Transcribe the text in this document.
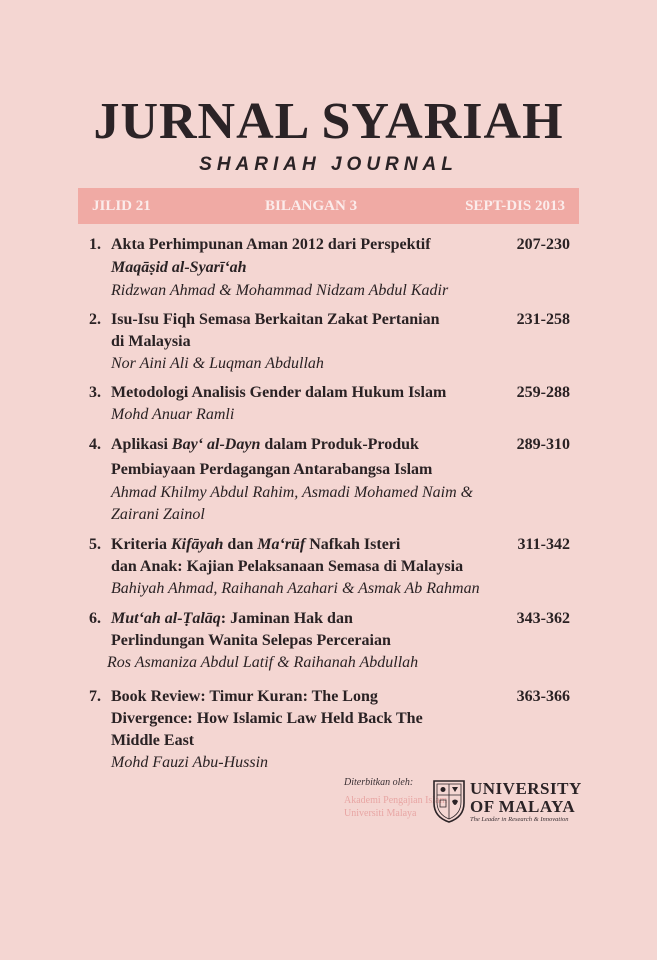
JURNAL SYARIAH
SHARIAH JOURNAL
JILID 21	BILANGAN 3	SEPT-DIS 2013
1. Akta Perhimpunan Aman 2012 dari Perspektif	207-230
Maqāṣid al-Syarī‘ah
Ridzwan Ahmad & Mohammad Nidzam Abdul Kadir
2. Isu-Isu Fiqh Semasa Berkaitan Zakat Pertanian	231-258
di Malaysia
Nor Aini Ali & Luqman Abdullah
3. Metodologi Analisis Gender dalam Hukum Islam	259-288
Mohd Anuar Ramli
4. Aplikasi Bay‘ al-Dayn dalam Produk-Produk	289-310
Pembiayaan Perdagangan Antarabangsa Islam
Ahmad Khilmy Abdul Rahim, Asmadi Mohamed Naim &
Zairani Zainol
5. Kriteria Kifāyah dan Ma‘rūf Nafkah Isteri	311-342
dan Anak: Kajian Pelaksanaan Semasa di Malaysia
Bahiyah Ahmad, Raihanah Azahari & Asmak Ab Rahman
6. Mut‘ah al-Ṭalāq: Jaminan Hak dan	343-362
Perlindungan Wanita Selepas Perceraian
Ros Asmaniza Abdul Latif & Raihanah Abdullah
7. Book Review: Timur Kuran: The Long	363-366
Divergence: How Islamic Law Held Back The
Middle East
Mohd Fauzi Abu-Hussin
Diterbitkan oleh:
Akademi Pengajian Islam
Universiti Malaya
UNIVERSITY
OF MALAYA
The Leader in Research & Innovation
